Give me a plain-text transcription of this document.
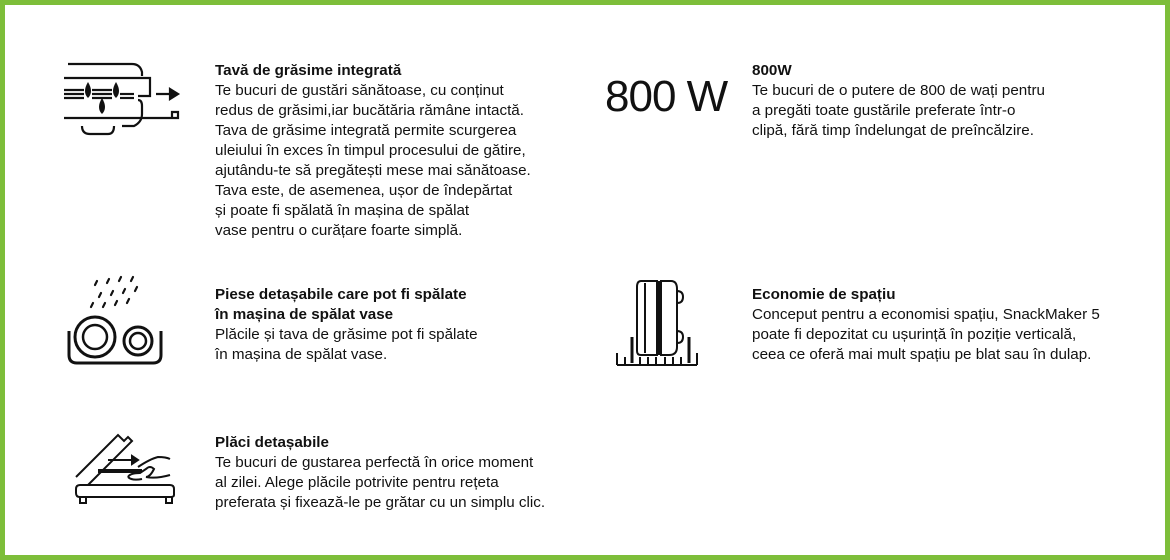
Tavă de grăsime integrată
Te bucuri de gustări sănătoase, cu conținut
redus de grăsimi,iar bucătăria rămâne intactă.
Tava de grăsime integrată permite scurgerea
uleiului în exces în timpul procesului de gătire,
ajutându-te să pregătești mese mai sănătoase.
Tava este, de asemenea, ușor de îndepărtat
și poate fi spălată în mașina de spălat
vase pentru o curățare foarte simplă.
800 W
800W
Te bucuri de o putere de 800 de wați pentru
a pregăti toate gustările preferate într-o
clipă, fără timp îndelungat de preîncălzire.
Piese detașabile care pot fi spălate
în mașina de spălat vase
Plăcile și tava de grăsime pot fi spălate
în mașina de spălat vase.
Economie de spațiu
Conceput pentru a economisi spațiu, SnackMaker 5
poate fi depozitat cu ușurință în poziție verticală,
ceea ce oferă mai mult spațiu pe blat sau în dulap.
Plăci detașabile
Te bucuri de gustarea perfectă în orice moment
al zilei. Alege plăcile potrivite pentru rețeta
preferata și fixează-le pe grătar cu un simplu clic.
